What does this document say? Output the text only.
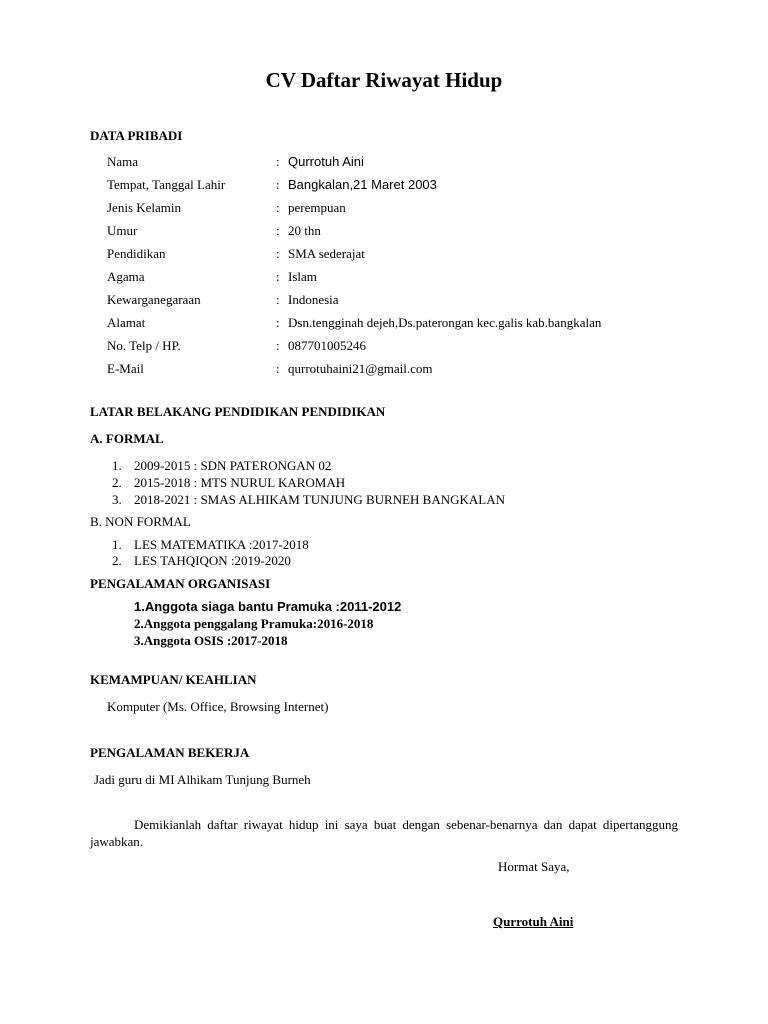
CV Daftar Riwayat Hidup
DATA PRIBADI
Nama	: Qurrotuh Aini
Tempat, Tanggal Lahir	: Bangkalan,21 Maret 2003
Jenis Kelamin	: perempuan
Umur	: 20 thn
Pendidikan	: SMA sederajat
Agama	: Islam
Kewarganegaraan	: Indonesia
Alamat	: Dsn.tengginah dejeh,Ds.paterongan kec.galis kab.bangkalan
No. Telp / HP.	: 087701005246
E-Mail	: qurrotuhaini21@gmail.com
LATAR BELAKANG PENDIDIKAN PENDIDIKAN
A. FORMAL
1. 2009-2015 : SDN PATERONGAN 02
2. 2015-2018 : MTS NURUL KAROMAH
3. 2018-2021 : SMAS ALHIKAM TUNJUNG BURNEH BANGKALAN
B. NON FORMAL
1. LES MATEMATIKA :2017-2018
2. LES TAHQIQON :2019-2020
PENGALAMAN ORGANISASI
1.Anggota siaga bantu Pramuka :2011-2012
2.Anggota penggalang Pramuka:2016-2018
3.Anggota OSIS :2017-2018
KEMAMPUAN/ KEAHLIAN
Komputer (Ms. Office, Browsing Internet)
PENGALAMAN BEKERJA
Jadi guru di MI Alhikam Tunjung Burneh
Demikianlah daftar riwayat hidup ini saya buat dengan sebenar-benarnya dan dapat dipertanggung jawabkan.
Hormat Saya,
Qurrotuh Aini
